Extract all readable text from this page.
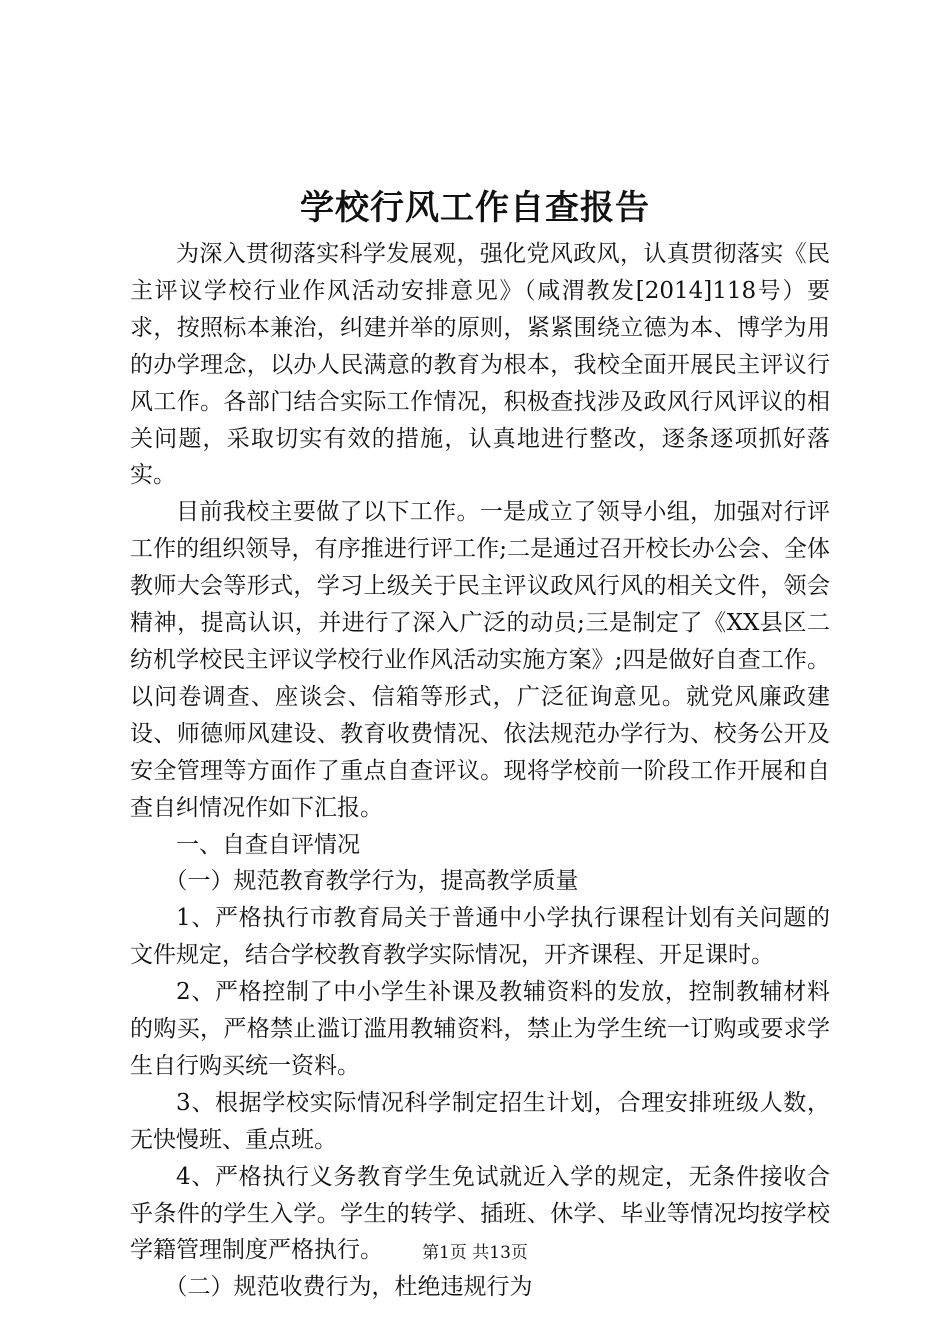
学校行风工作自查报告

为深入贯彻落实科学发展观，强化党风政风，认真贯彻落实《民主评议学校行业作风活动安排意见》（咸渭教发[2014]118号）要求，按照标本兼治，纠建并举的原则，紧紧围绕立德为本、博学为用的办学理念，以办人民满意的教育为根本，我校全面开展民主评议行风工作。各部门结合实际工作情况，积极查找涉及政风行风评议的相关问题，采取切实有效的措施，认真地进行整改，逐条逐项抓好落实。

目前我校主要做了以下工作。一是成立了领导小组，加强对行评工作的组织领导，有序推进行评工作;二是通过召开校长办公会、全体教师大会等形式，学习上级关于民主评议政风行风的相关文件，领会精神，提高认识，并进行了深入广泛的动员;三是制定了《XX县区二纺机学校民主评议学校行业作风活动实施方案》;四是做好自查工作。以问卷调查、座谈会、信箱等形式，广泛征询意见。就党风廉政建设、师德师风建设、教育收费情况、依法规范办学行为、校务公开及安全管理等方面作了重点自查评议。现将学校前一阶段工作开展和自查自纠情况作如下汇报。

一、自查自评情况

（一）规范教育教学行为，提高教学质量

1、严格执行市教育局关于普通中小学执行课程计划有关问题的文件规定，结合学校教育教学实际情况，开齐课程、开足课时。

2、严格控制了中小学生补课及教辅资料的发放，控制教辅材料的购买，严格禁止滥订滥用教辅资料，禁止为学生统一订购或要求学生自行购买统一资料。

3、根据学校实际情况科学制定招生计划，合理安排班级人数，无快慢班、重点班。

4、严格执行义务教育学生免试就近入学的规定，无条件接收合乎条件的学生入学。学生的转学、插班、休学、毕业等情况均按学校学籍管理制度严格执行。

（二）规范收费行为，杜绝违规行为

第1页 共13页
